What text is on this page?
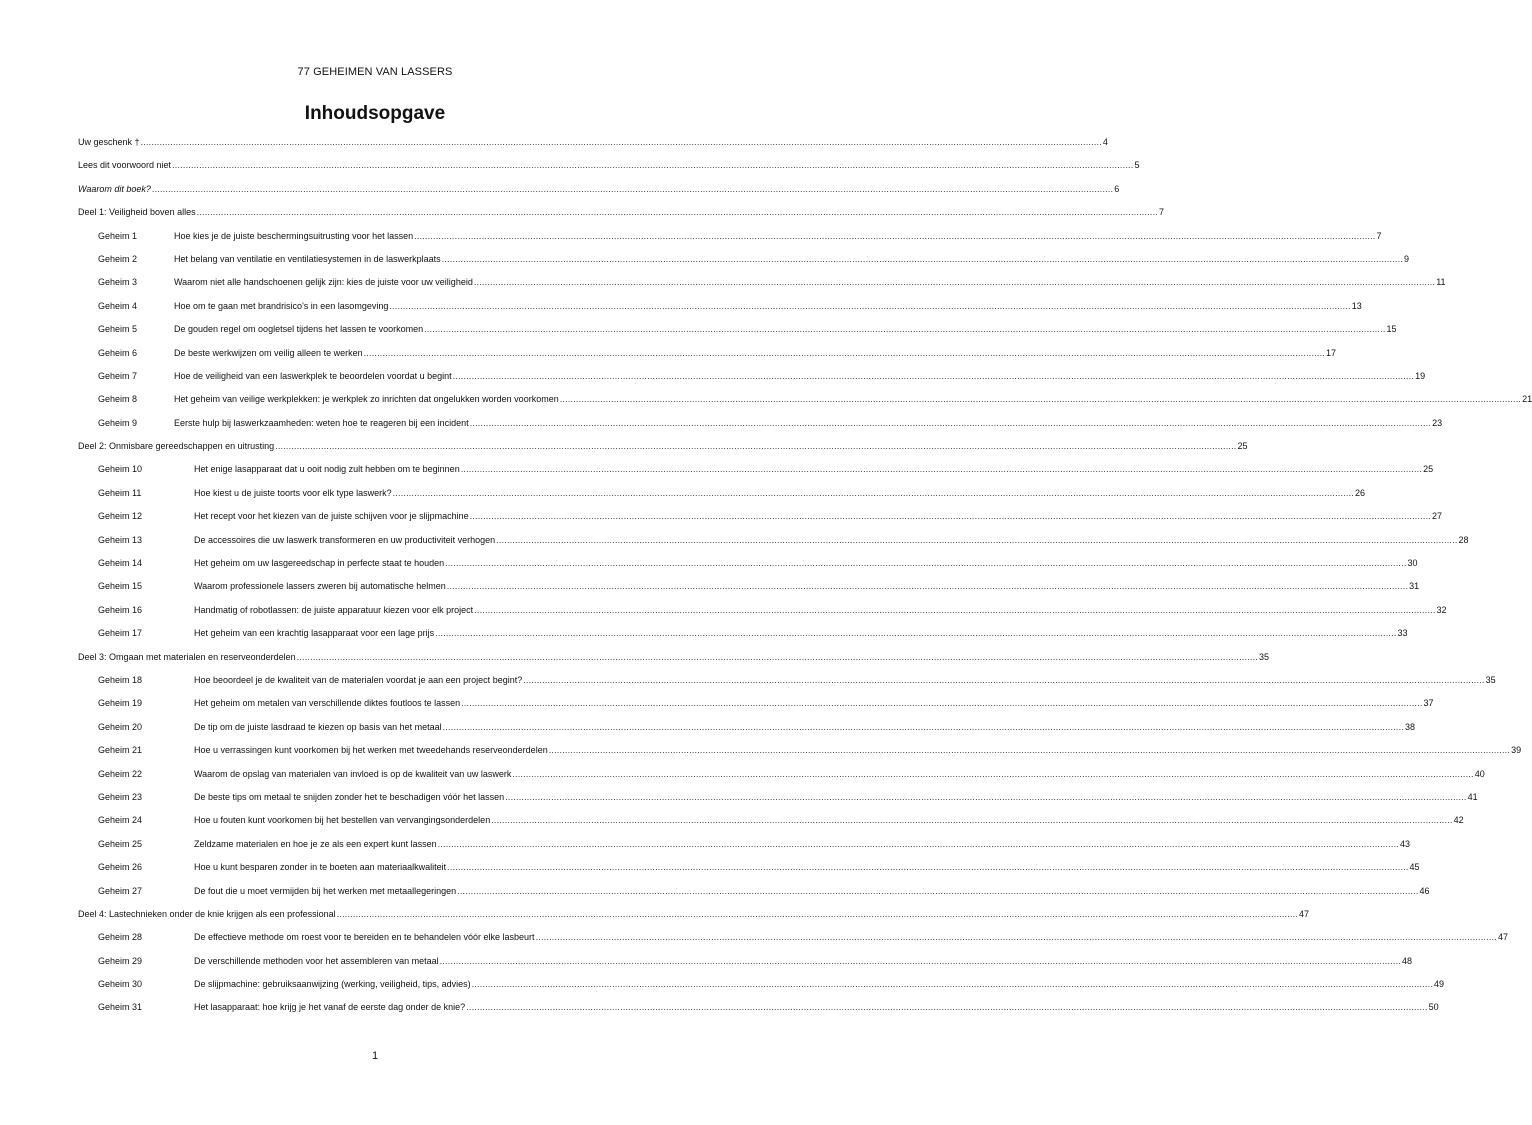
77 GEHEIMEN VAN LASSERS
Inhoudsopgave
Uw geschenk † .....	4
Lees dit voorwoord niet .....	5
Waarom dit boek? .....	6
Deel 1: Veiligheid boven alles .....	7
Geheim 1	Hoe kies je de juiste beschermingsuitrusting voor het lassen .....	7
Geheim 2	Het belang van ventilatie en ventilatiesystemen in de laswerkplaats .....	9
Geheim 3	Waarom niet alle handschoenen gelijk zijn: kies de juiste voor uw veiligheid .....	11
Geheim 4	Hoe om te gaan met brandrisico's in een lasomgeving .....	13
Geheim 5	De gouden regel om oogletsel tijdens het lassen te voorkomen .....	15
Geheim 6	De beste werkwijzen om veilig alleen te werken .....	17
Geheim 7	Hoe de veiligheid van een laswerkplek te beoordelen voordat u begint .....	19
Geheim 8	Het geheim van veilige werkplekken: je werkplek zo inrichten dat ongelukken worden voorkomen .....	21
Geheim 9	Eerste hulp bij laswerkzaamheden: weten hoe te reageren bij een incident .....	23
Deel 2: Onmisbare gereedschappen en uitrusting .....	25
Geheim 10	Het enige lasapparaat dat u ooit nodig zult hebben om te beginnen .....	25
Geheim 11	Hoe kiest u de juiste toorts voor elk type laswerk? .....	26
Geheim 12	Het recept voor het kiezen van de juiste schijven voor je slijpmachine .....	27
Geheim 13	De accessoires die uw laswerk transformeren en uw productiviteit verhogen .....	28
Geheim 14	Het geheim om uw lasgereedschap in perfecte staat te houden .....	30
Geheim 15	Waarom professionele lassers zweren bij automatische helmen .....	31
Geheim 16	Handmatig of robotlassen: de juiste apparatuur kiezen voor elk project .....	32
Geheim 17	Het geheim van een krachtig lasapparaat voor een lage prijs .....	33
Deel 3: Omgaan met materialen en reserveonderdelen .....	35
Geheim 18	Hoe beoordeel je de kwaliteit van de materialen voordat je aan een project begint? .....	35
Geheim 19	Het geheim om metalen van verschillende diktes foutloos te lassen .....	37
Geheim 20	De tip om de juiste lasdraad te kiezen op basis van het metaal .....	38
Geheim 21	Hoe u verrassingen kunt voorkomen bij het werken met tweedehands reserveonderdelen .....	39
Geheim 22	Waarom de opslag van materialen van invloed is op de kwaliteit van uw laswerk .....	40
Geheim 23	De beste tips om metaal te snijden zonder het te beschadigen vóór het lassen .....	41
Geheim 24	Hoe u fouten kunt voorkomen bij het bestellen van vervangingsonderdelen .....	42
Geheim 25	Zeldzame materialen en hoe je ze als een expert kunt lassen .....	43
Geheim 26	Hoe u kunt besparen zonder in te boeten aan materiaalkwaliteit .....	45
Geheim 27	De fout die u moet vermijden bij het werken met metaallegeringen .....	46
Deel 4: Lastechnieken onder de knie krijgen als een professional .....	47
Geheim 28	De effectieve methode om roest voor te bereiden en te behandelen vóór elke lasbeurt .....	47
Geheim 29	De verschillende methoden voor het assembleren van metaal .....	48
Geheim 30	De slijpmachine: gebruiksaanwijzing (werking, veiligheid, tips, advies) .....	49
Geheim 31	Het lasapparaat: hoe krijg je het vanaf de eerste dag onder de knie? .....	50
1
